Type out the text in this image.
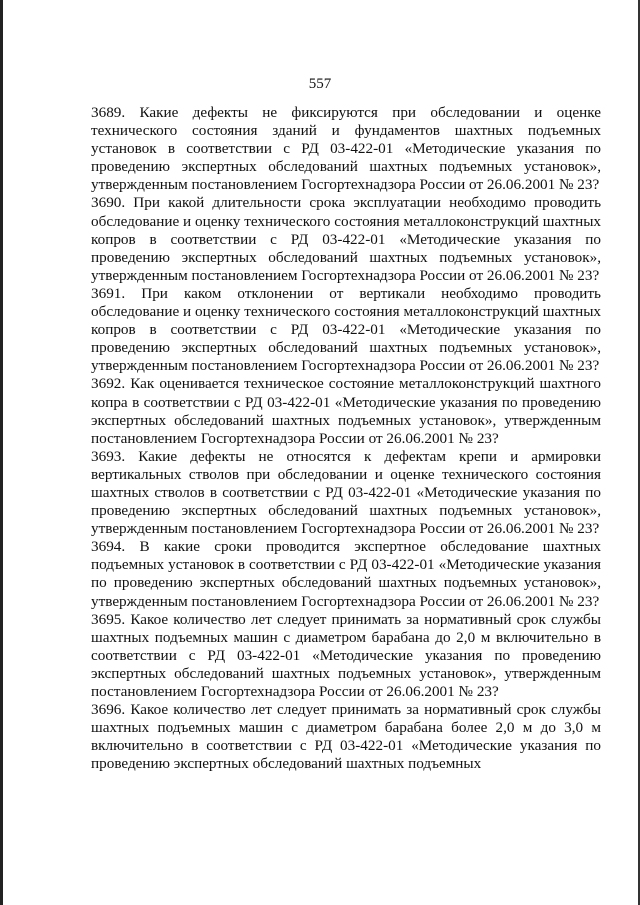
557

3689. Какие дефекты не фиксируются при обследовании и оценке технического состояния зданий и фундаментов шахтных подъемных установок в соответствии с РД 03-422-01 «Методические указания по проведению экспертных обследований шахтных подъемных установок», утвержденным постановлением Госгортехнадзора России от 26.06.2001 № 23?

3690. При какой длительности срока эксплуатации необходимо проводить обследование и оценку технического состояния металлоконструкций шахтных копров в соответствии с РД 03-422-01 «Методические указания по проведению экспертных обследований шахтных подъемных установок», утвержденным постановлением Госгортехнадзора России от 26.06.2001 № 23?

3691. При каком отклонении от вертикали необходимо проводить обследование и оценку технического состояния металлоконструкций шахтных копров в соответствии с РД 03-422-01 «Методические указания по проведению экспертных обследований шахтных подъемных установок», утвержденным постановлением Госгортехнадзора России от 26.06.2001 № 23?

3692. Как оценивается техническое состояние металлоконструкций шахтного копра в соответствии с РД 03-422-01 «Методические указания по проведению экспертных обследований шахтных подъемных установок», утвержденным постановлением Госгортехнадзора России от 26.06.2001 № 23?

3693. Какие дефекты не относятся к дефектам крепи и армировки вертикальных стволов при обследовании и оценке технического состояния шахтных стволов в соответствии с РД 03-422-01 «Методические указания по проведению экспертных обследований шахтных подъемных установок», утвержденным постановлением Госгортехнадзора России от 26.06.2001 № 23?

3694. В какие сроки проводится экспертное обследование шахтных подъемных установок в соответствии с РД 03-422-01 «Методические указания по проведению экспертных обследований шахтных подъемных установок», утвержденным постановлением Госгортехнадзора России от 26.06.2001 № 23?

3695. Какое количество лет следует принимать за нормативный срок службы шахтных подъемных машин с диаметром барабана до 2,0 м включительно в соответствии с РД 03-422-01 «Методические указания по проведению экспертных обследований шахтных подъемных установок», утвержденным постановлением Госгортехнадзора России от 26.06.2001 № 23?

3696. Какое количество лет следует принимать за нормативный срок службы шахтных подъемных машин с диаметром барабана более 2,0 м до 3,0 м включительно в соответствии с РД 03-422-01 «Методические указания по проведению экспертных обследований шахтных подъемных
